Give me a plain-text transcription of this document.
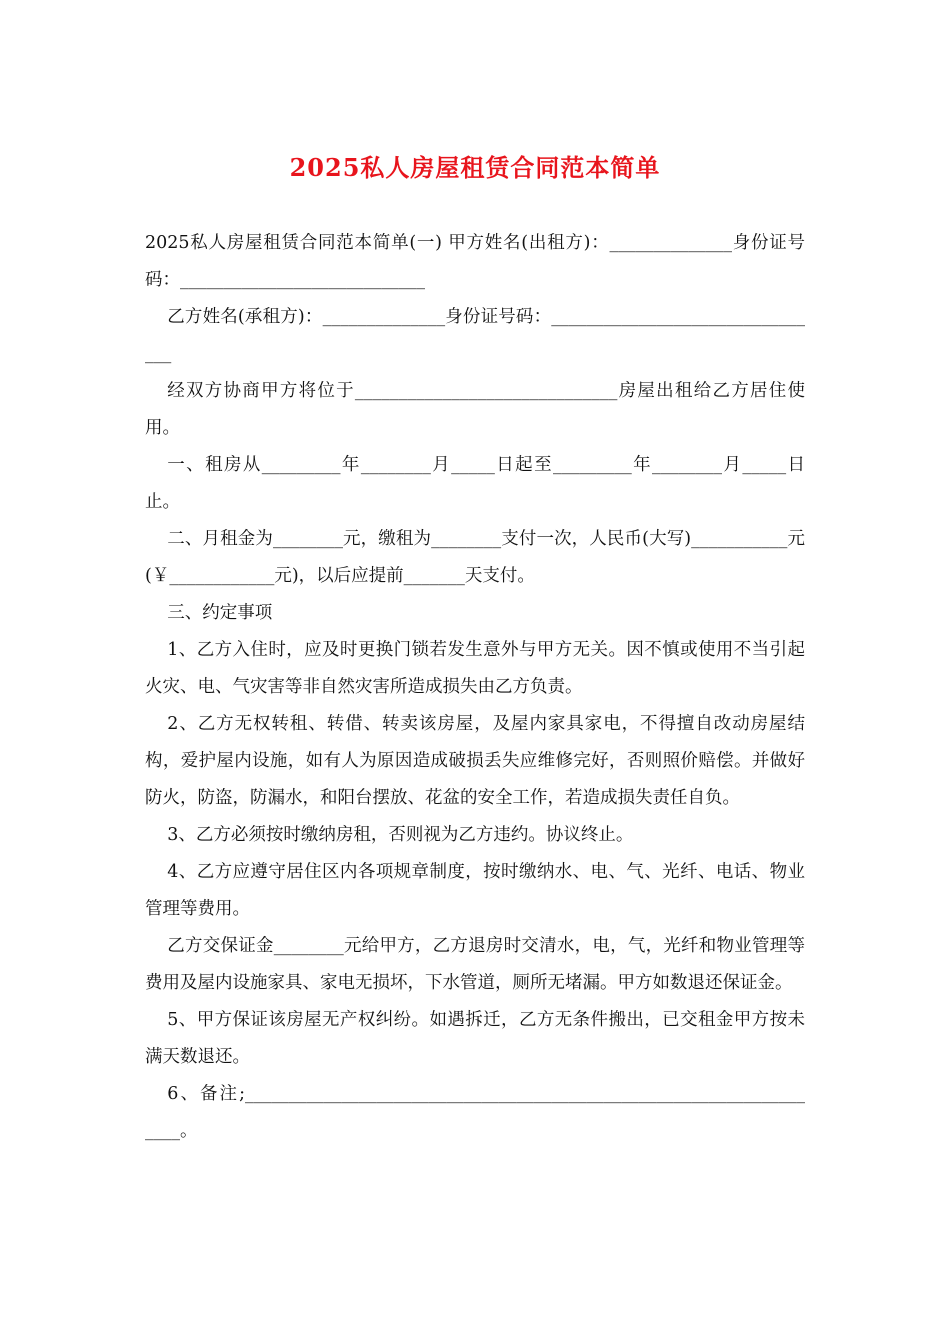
2025私人房屋租赁合同范本简单

2025私人房屋租赁合同范本简单(一) 甲方姓名(出租方)：______________身份证号码：____________________________

乙方姓名(承租方)：______________身份证号码：________________________________

经双方协商甲方将位于______________________________房屋出租给乙方居住使用。

一、租房从_________年________月_____日起至_________年________月_____日止。

二、月租金为________元，缴租为________支付一次，人民币(大写)___________元(￥____________元)，以后应提前_______天支付。

三、约定事项

1、乙方入住时，应及时更换门锁若发生意外与甲方无关。因不慎或使用不当引起火灾、电、气灾害等非自然灾害所造成损失由乙方负责。

2、乙方无权转租、转借、转卖该房屋，及屋内家具家电，不得擅自改动房屋结构，爱护屋内设施，如有人为原因造成破损丢失应维修完好，否则照价赔偿。并做好防火，防盗，防漏水，和阳台摆放、花盆的安全工作，若造成损失责任自负。

3、乙方必须按时缴纳房租，否则视为乙方违约。协议终止。

4、乙方应遵守居住区内各项规章制度，按时缴纳水、电、气、光纤、电话、物业管理等费用。

乙方交保证金________元给甲方，乙方退房时交清水，电，气，光纤和物业管理等费用及屋内设施家具、家电无损坏，下水管道，厕所无堵漏。甲方如数退还保证金。

5、甲方保证该房屋无产权纠纷。如遇拆迁，乙方无条件搬出，已交租金甲方按未满天数退还。

6、备注;____________________________________________________________________。
